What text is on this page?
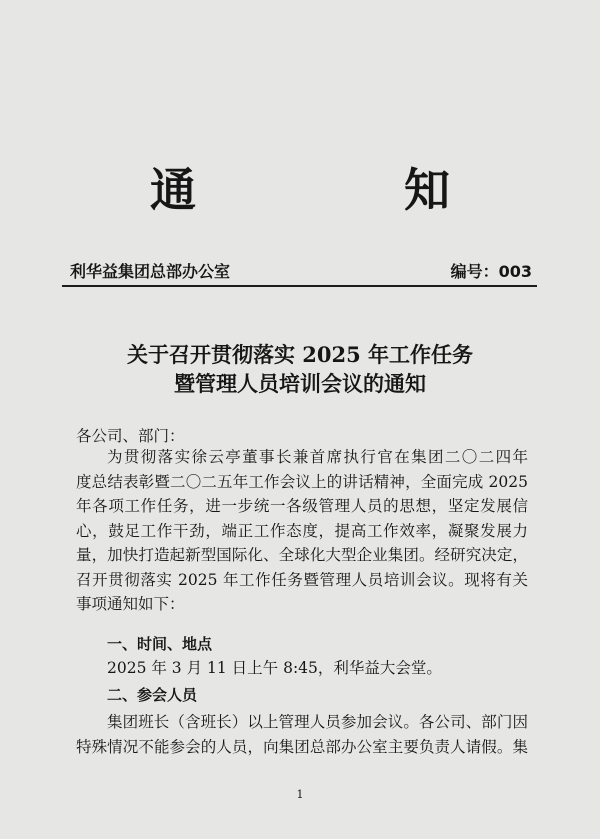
通	知
利华益集团总部办公室	编号：003
关于召开贯彻落实 2025 年工作任务
暨管理人员培训会议的通知
各公司、部门：
为贯彻落实徐云亭董事长兼首席执行官在集团二〇二四年
度总结表彰暨二〇二五年工作会议上的讲话精神，全面完成 2025
年各项工作任务，进一步统一各级管理人员的思想，坚定发展信
心，鼓足工作干劲，端正工作态度，提高工作效率，凝聚发展力
量，加快打造起新型国际化、全球化大型企业集团。经研究决定，
召开贯彻落实 2025 年工作任务暨管理人员培训会议。现将有关
事项通知如下：
一、时间、地点
2025 年 3 月 11 日上午 8:45，利华益大会堂。
二、参会人员
集团班长（含班长）以上管理人员参加会议。各公司、部门因
特殊情况不能参会的人员，向集团总部办公室主要负责人请假。集
1
